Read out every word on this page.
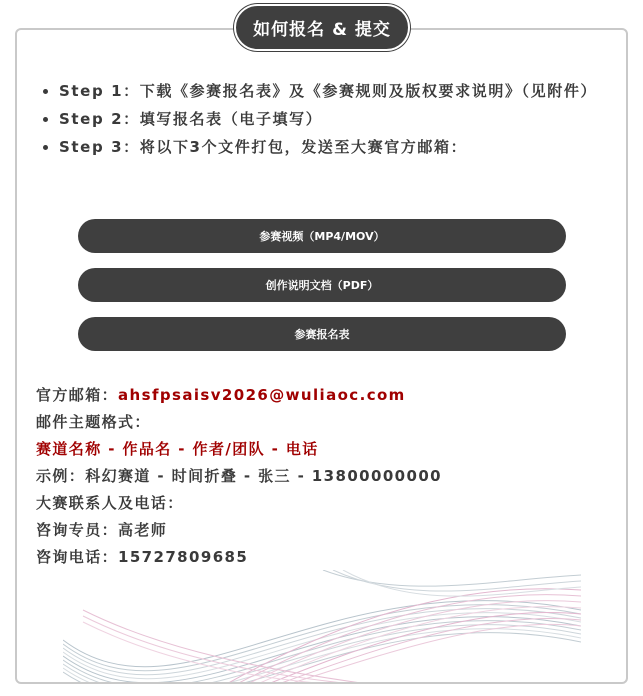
如何报名 & 提交
Step 1：下载《参赛报名表》及《参赛规则及版权要求说明》（见附件）
Step 2：填写报名表（电子填写）
Step 3：将以下3个文件打包，发送至大赛官方邮箱：
参赛视频（MP4/MOV）
创作说明文档（PDF）
参赛报名表
官方邮箱：ahsfpsaisv2026@wuliaoc.com
邮件主题格式：
赛道名称 - 作品名 - 作者/团队 - 电话
示例：科幻赛道 - 时间折叠 - 张三 - 13800000000
大赛联系人及电话：
咨询专员：高老师
咨询电话：15727809685
